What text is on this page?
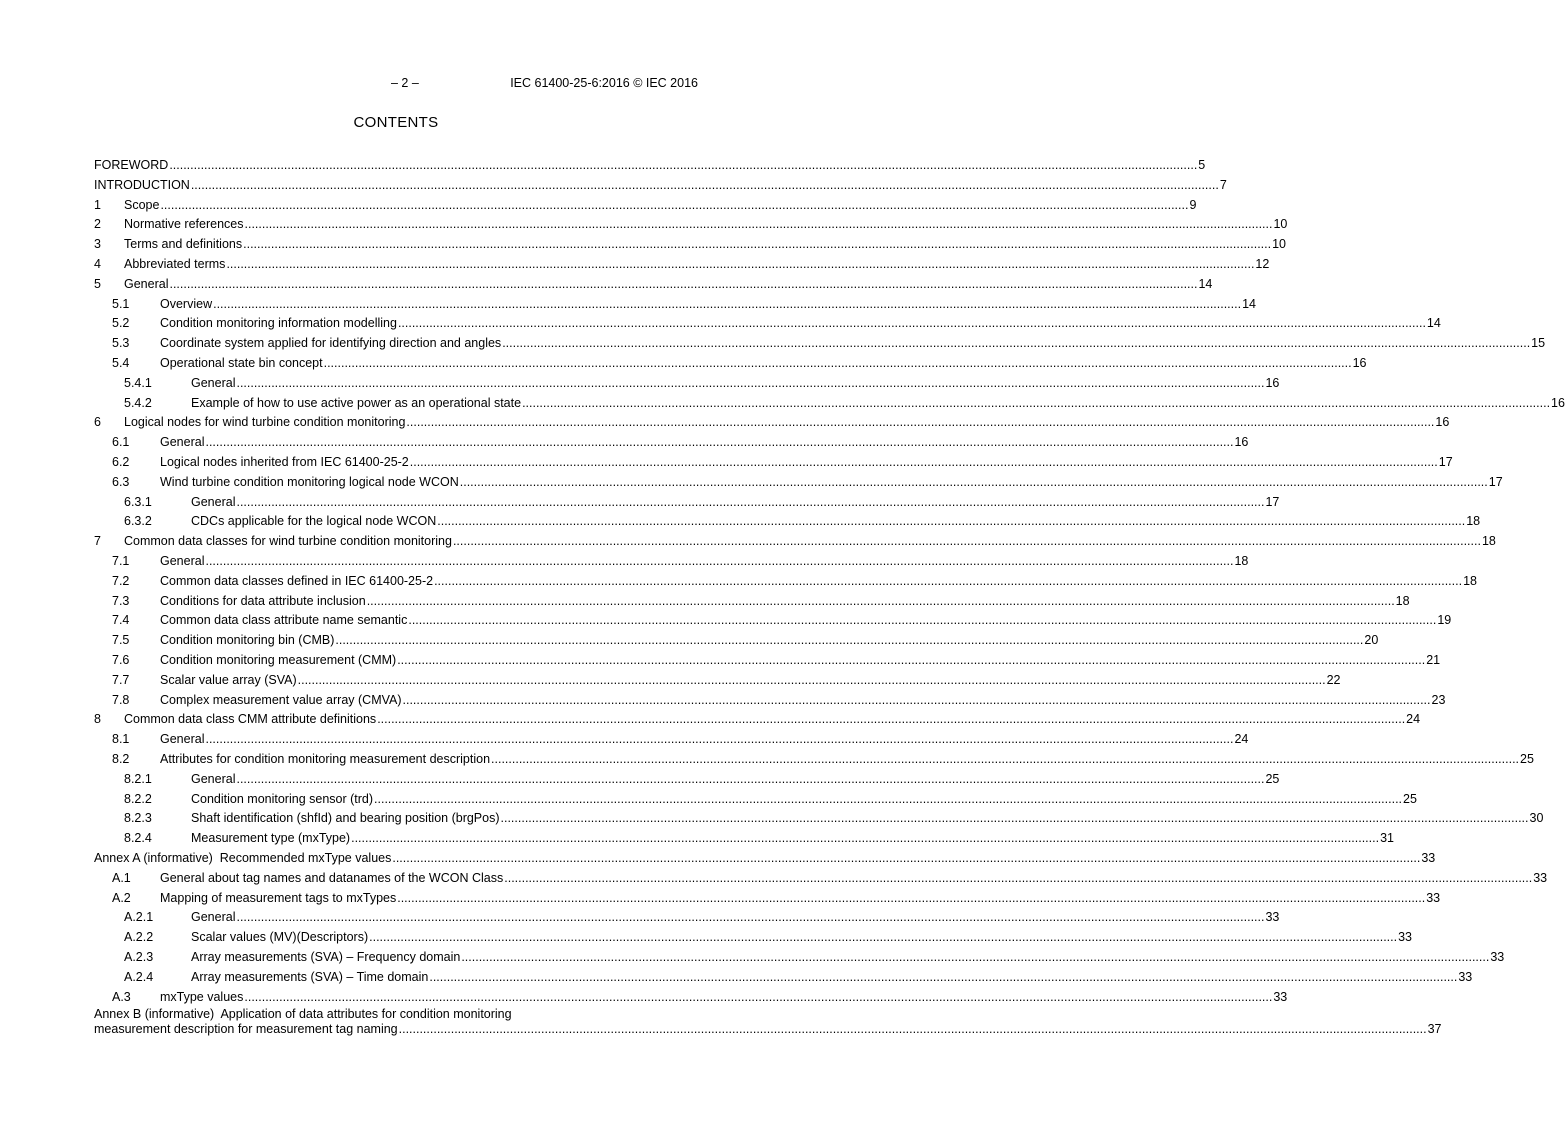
– 2 –	IEC 61400-25-6:2016 © IEC 2016
CONTENTS
FOREWORD .....	5
INTRODUCTION .....	7
1	Scope .....	9
2	Normative references .....	10
3	Terms and definitions .....	10
4	Abbreviated terms .....	12
5	General .....	14
5.1	Overview .....	14
5.2	Condition monitoring information modelling .....	14
5.3	Coordinate system applied for identifying direction and angles .....	15
5.4	Operational state bin concept .....	16
5.4.1	General .....	16
5.4.2	Example of how to use active power as an operational state .....	16
6	Logical nodes for wind turbine condition monitoring .....	16
6.1	General .....	16
6.2	Logical nodes inherited from IEC 61400-25-2 .....	17
6.3	Wind turbine condition monitoring logical node WCON .....	17
6.3.1	General .....	17
6.3.2	CDCs applicable for the logical node WCON .....	18
7	Common data classes for wind turbine condition monitoring .....	18
7.1	General .....	18
7.2	Common data classes defined in IEC 61400-25-2 .....	18
7.3	Conditions for data attribute inclusion .....	18
7.4	Common data class attribute name semantic .....	19
7.5	Condition monitoring bin (CMB) .....	20
7.6	Condition monitoring measurement (CMM) .....	21
7.7	Scalar value array (SVA) .....	22
7.8	Complex measurement value array (CMVA) .....	23
8	Common data class CMM attribute definitions .....	24
8.1	General .....	24
8.2	Attributes for condition monitoring measurement description .....	25
8.2.1	General .....	25
8.2.2	Condition monitoring sensor (trd) .....	25
8.2.3	Shaft identification (shfId) and bearing position (brgPos) .....	30
8.2.4	Measurement type (mxType) .....	31
Annex A (informative)  Recommended mxType values .....	33
A.1	General about tag names and datanames of the WCON Class .....	33
A.2	Mapping of measurement tags to mxTypes .....	33
A.2.1	General .....	33
A.2.2	Scalar values (MV)(Descriptors) .....	33
A.2.3	Array measurements (SVA) – Frequency domain .....	33
A.2.4	Array measurements (SVA) – Time domain .....	33
A.3	mxType values .....	33
Annex B (informative)  Application of data attributes for condition monitoring
measurement description for measurement tag naming .....	37
